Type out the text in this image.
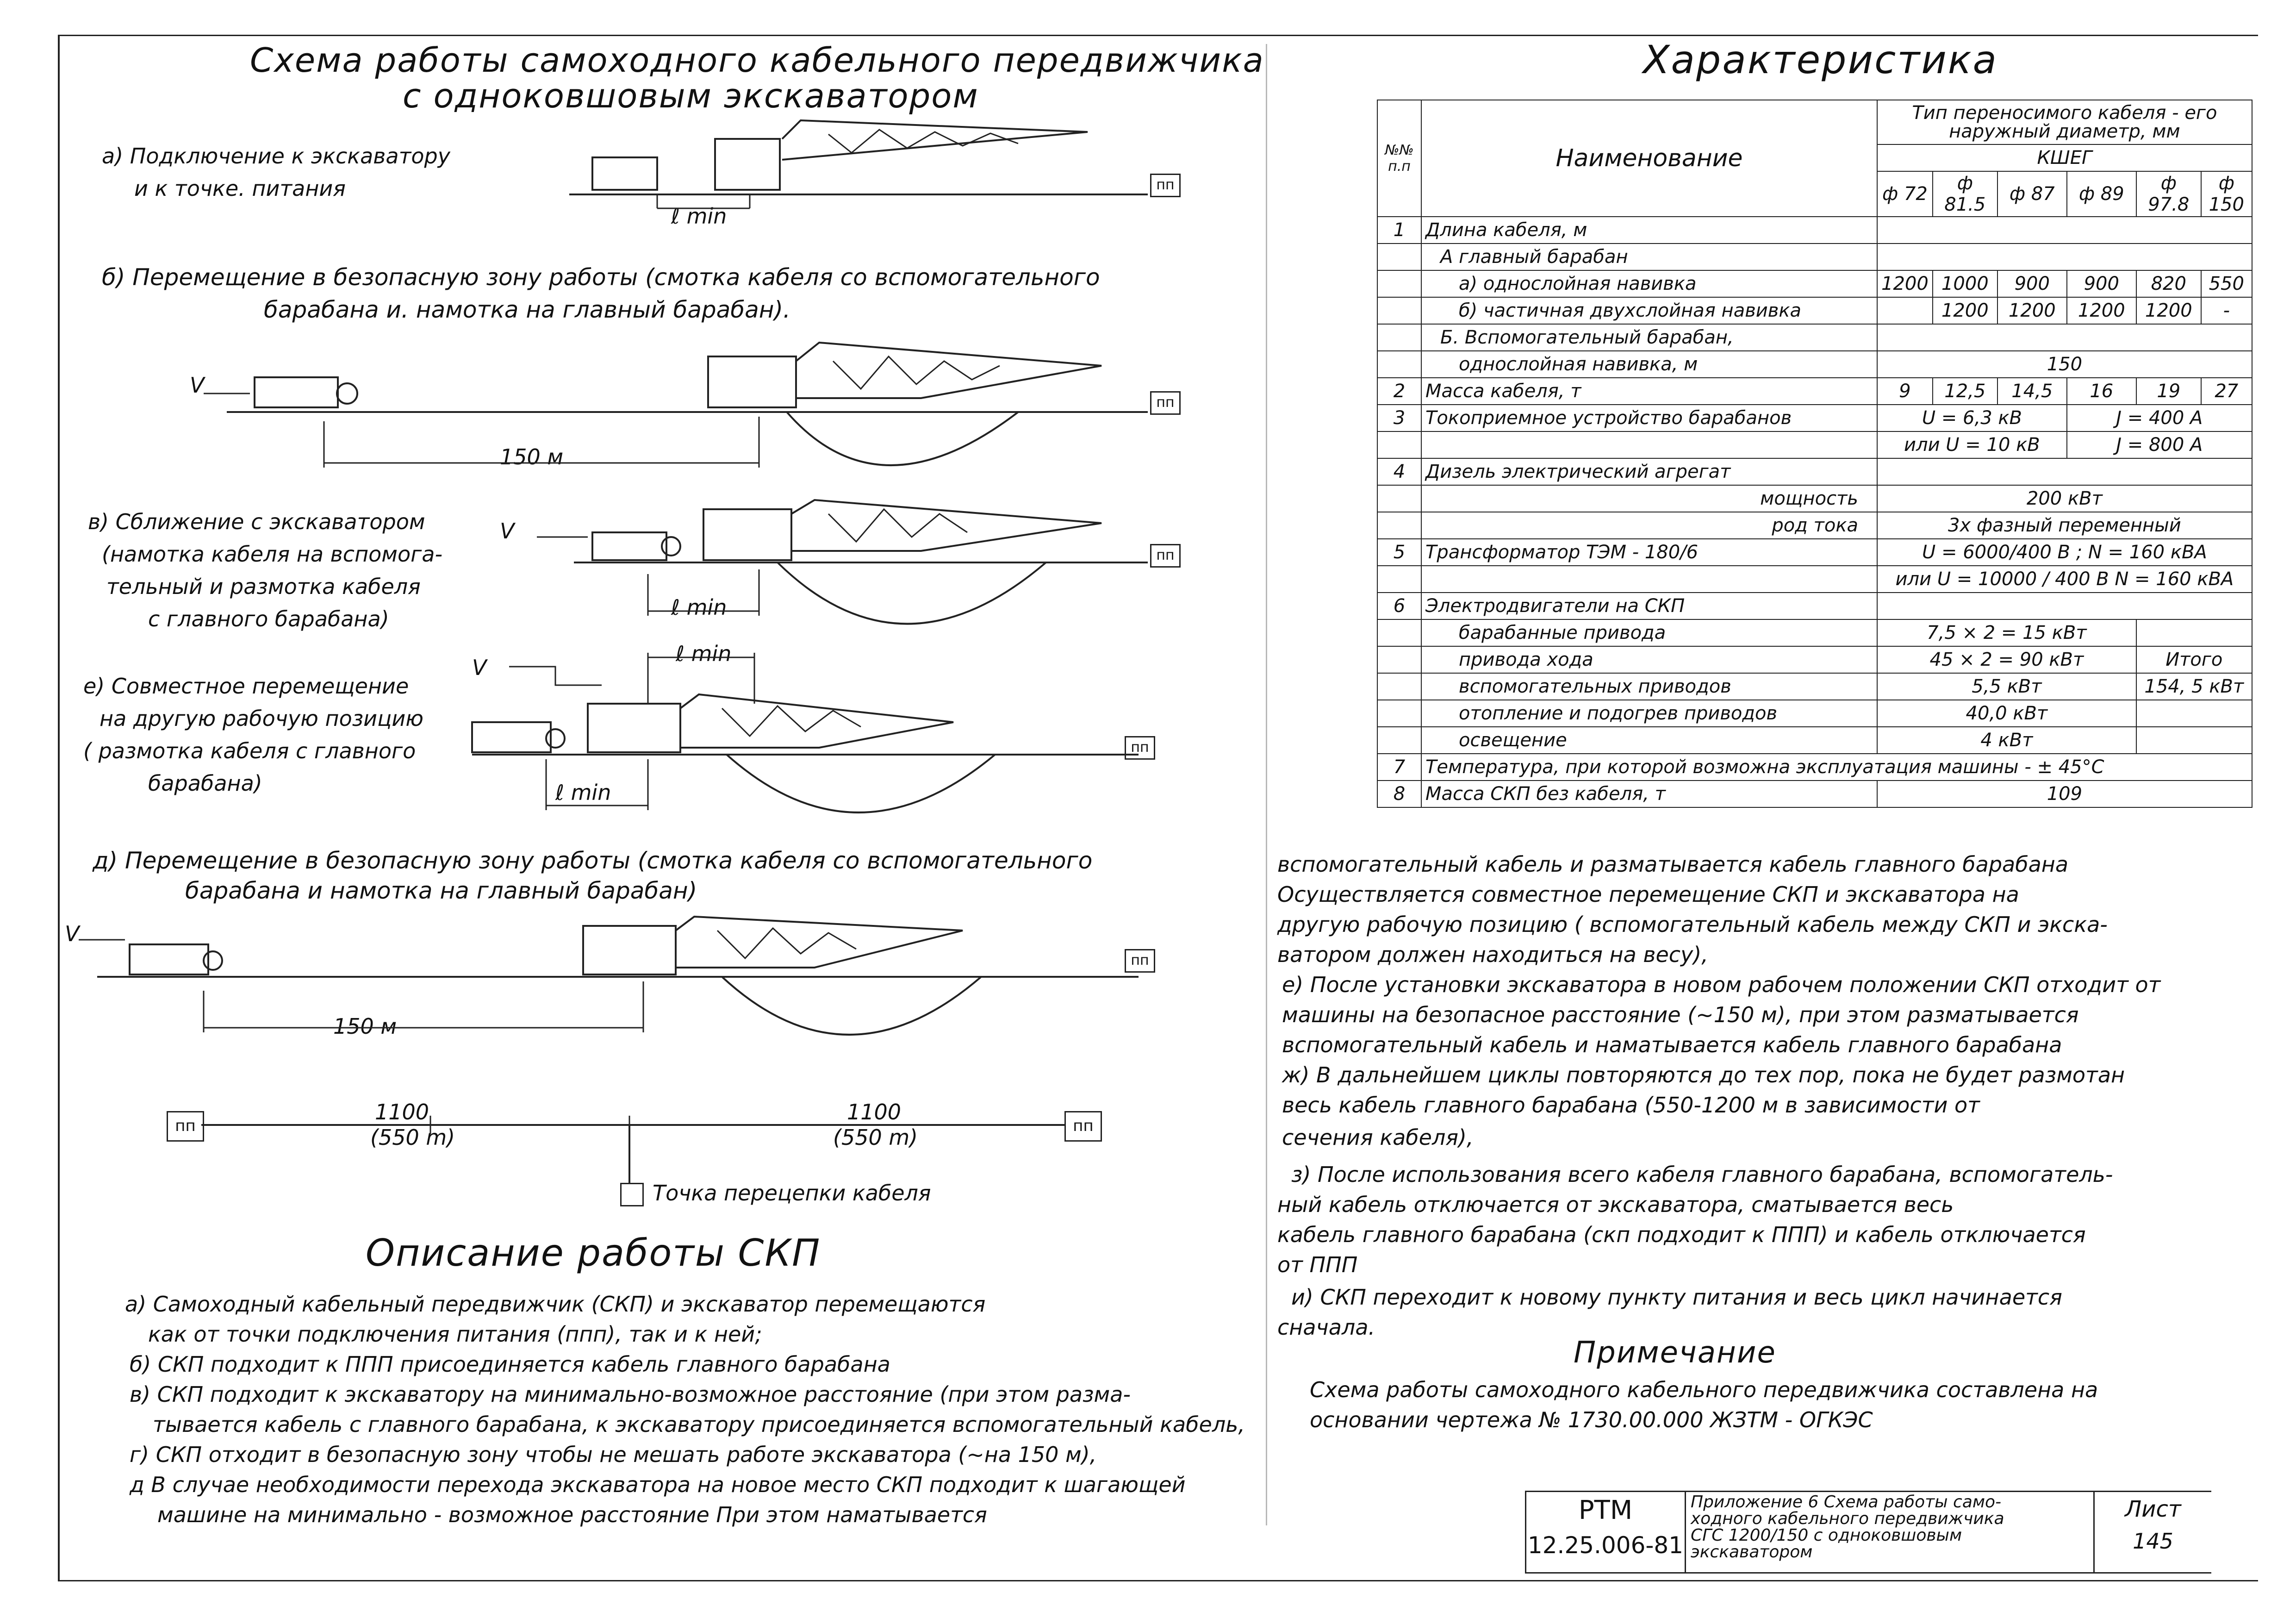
Схема работы самоходного кабельного передвижчика
с одноковшовым экскаватором
а) Подключение к экскаватору
и к точке. питания
б) Перемещение в безопасную зону работы (смотка кабеля со вспомогательного
барабана и. намотка на главный барабан).
в) Сближение с экскаватором
(намотка кабеля на вспомога-
тельный и размотка кабеля
с главного барабана)
е) Совместное перемещение
на другую рабочую позицию
( размотка кабеля с главного
барабана)
д) Перемещение в безопасную зону работы (смотка кабеля со вспомогательного
барабана и намотка на главный барабан)
ℓ min
150 м
ℓ min
ℓ min
ℓ min
150 м
V
V
V
V
пп
пп
пп
пп
пп
пп	пп
1100
(550 m)
1100
(550 m)
Точка перецепки кабеля
Описание работы СКП
а) Самоходный кабельный передвижчик (СКП) и экскаватор перемещаются
как от точки подключения питания (ппп), так и к ней;
б) СКП подходит к ППП присоединяется кабель главного барабана
в) СКП подходит к экскаватору на минимально-возможное расстояние (при этом разма-
тывается кабель с главного барабана, к экскаватору присоединяется вспомогательный кабель,
г) СКП отходит в безопасную зону чтобы не мешать работе экскаватора (~на 150 м),
д В случае необходимости перехода экскаватора на новое место СКП подходит к шагающей
машине на минимально - возможное расстояние При этом наматывается
Характеристика
№№ п.п	Наименование	Тип переносимого кабеля - его наружный диаметр, мм					
		КШЕГ					
		ф 72	ф 81.5	ф 87	ф 89	ф 97.8	ф 150
1	Длина кабеля, м						
	А главный барабан						
	а) однослойная навивка	1200	1000	900	900	820	550
	б) частичная двухслойная навивка		1200	1200	1200	1200	-
	Б. Вспомогательный барабан,						
	однослойная навивка, м	150					
2	Масса кабеля, т	9	12,5	14,5	16	19	27
3	Токоприемное устройство барабанов	U = 6,3 кВ			J = 400 А		
		или U = 10 кВ			J = 800 А		
4	Дизель электрический агрегат						
	мощность	200 кВт					
	род тока	3х фазный переменный					
5	Трансформатор ТЭМ - 180/6	U = 6000/400 В ; N = 160 кВА					
		или U = 10000 / 400 В N = 160 кВА					
6	Электродвигатели на СКП						
	барабанные привода	7,5 × 2 = 15 кВт					
	привода хода	45 × 2 = 90 кВт				Итого	
	вспомогательных приводов	5,5 кВт				154, 5 кВт	
	отопление и подогрев приводов	40,0 кВт					
	освещение	4 кВт					
7	Температура, при которой возможна эксплуатация машины - ± 45°С						
8	Масса СКП без кабеля, т	109					
вспомогательный кабель и разматывается кабель главного барабана
Осуществляется совместное перемещение СКП и экскаватора на
другую рабочую позицию ( вспомогательный кабель между СКП и экска-
ватором должен находиться на весу),
е) После установки экскаватора в новом рабочем положении СКП отходит от
машины на безопасное расстояние (~150 м), при этом разматывается
вспомогательный кабель и наматывается кабель главного барабана
ж) В дальнейшем циклы повторяются до тех пор, пока не будет размотан
весь кабель главного барабана (550-1200 м в зависимости от
сечения кабеля),
з) После использования всего кабеля главного барабана, вспомогатель-
ный кабель отключается от экскаватора, сматывается весь
кабель главного барабана (скп подходит к ППП) и кабель отключается
от ППП
и) СКП переходит к новому пункту питания и весь цикл начинается
сначала.
Примечание
Схема работы самоходного кабельного передвижчика составлена на
основании чертежа № 1730.00.000 ЖЗТМ - ОГКЭС
РТМ
12.25.006-81

Приложение 6 Схема работы само-
ходного кабельного передвижчика
СГС 1200/150 с одноковшовым
экскаватором

Лист
145
